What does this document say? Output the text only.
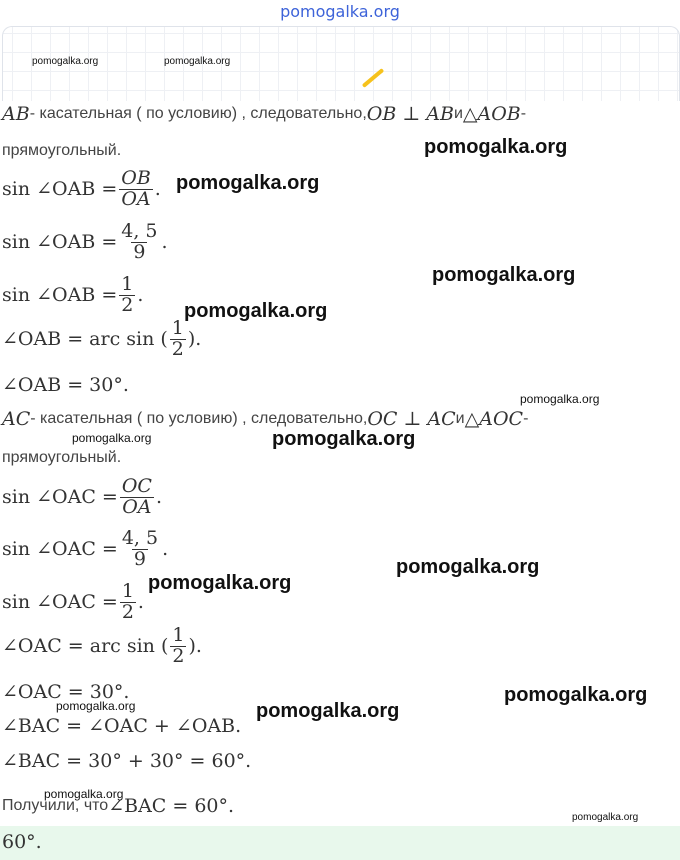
pomogalka.org
pomogalka.org	pomogalka.org
AB - касательная ( по условию) , следовательно, OB ⊥ AB и △AOB -
прямоугольный.
sin ∠OAB = $\frac{OB}{OA}$ .
sin ∠OAB = $\frac{4, 5}{9}$ .
sin ∠OAB = $\frac{1}{2}$ .
∠OAB = arc sin ( $\frac{1}{2}$ ).
∠OAB = 30°.
AC - касательная ( по условию) , следовательно, OC ⊥ AC и △AOC -
прямоугольный.
sin ∠OAC = $\frac{OC}{OA}$ .
sin ∠OAC = $\frac{4, 5}{9}$ .
sin ∠OAC = $\frac{1}{2}$ .
∠OAC = arc sin ( $\frac{1}{2}$ ).
∠OAC = 30°.
∠BAC = ∠OAC + ∠OAB.
∠BAC = 30° + 30° = 60°.
Получили, что ∠BAC = 60°.
60°.
pomogalka.org
pomogalka.org
pomogalka.org
pomogalka.org
pomogalka.org
pomogalka.org	pomogalka.org
pomogalka.org
pomogalka.org
pomogalka.org
pomogalka.org	pomogalka.org
pomogalka.org
pomogalka.org
